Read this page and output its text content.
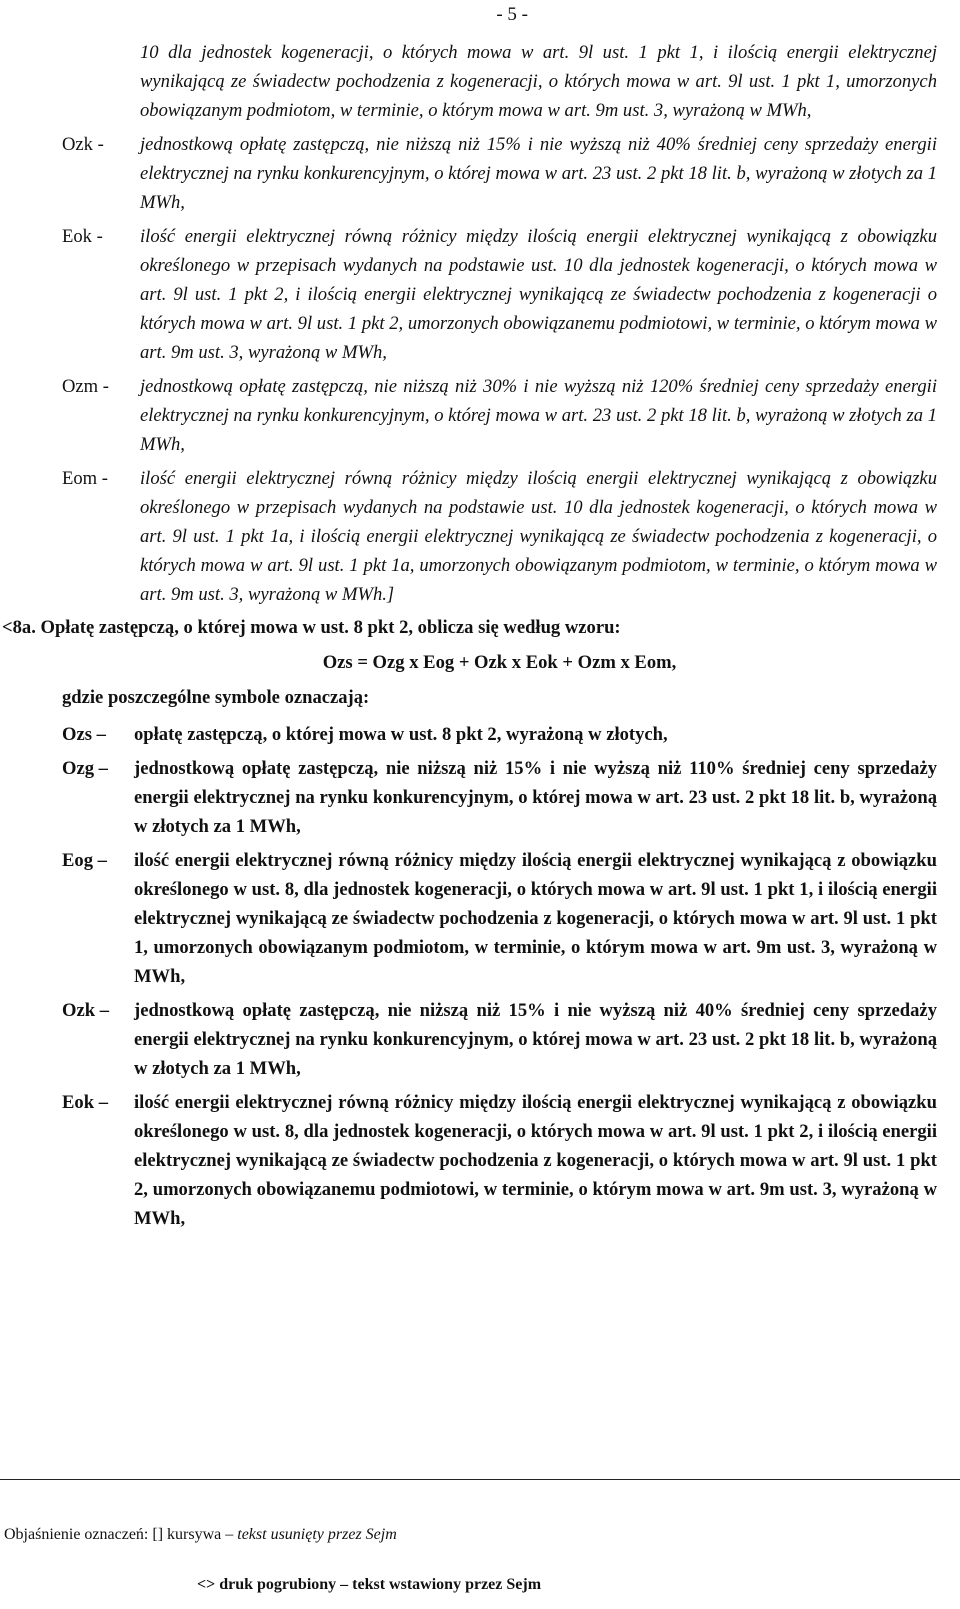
- 5 -
10 dla jednostek kogeneracji, o których mowa w art. 9l ust. 1 pkt 1, i ilością energii elektrycznej wynikającą ze świadectw pochodzenia z kogeneracji, o których mowa w art. 9l ust. 1 pkt 1, umorzonych obowiązanym podmiotom, w terminie, o którym mowa w art. 9m ust. 3, wyrażoną w MWh,
Ozk -	jednostkową opłatę zastępczą, nie niższą niż 15% i nie wyższą niż 40% średniej ceny sprzedaży energii elektrycznej na rynku konkurencyjnym, o której mowa w art. 23 ust. 2 pkt 18 lit. b, wyrażoną w złotych za 1 MWh,
Eok -	ilość energii elektrycznej równą różnicy między ilością energii elektrycznej wynikającą z obowiązku określonego w przepisach wydanych na podstawie ust. 10 dla jednostek kogeneracji, o których mowa w art. 9l ust. 1 pkt 2, i ilością energii elektrycznej wynikającą ze świadectw pochodzenia z kogeneracji o których mowa w art. 9l ust. 1 pkt 2, umorzonych obowiązanemu podmiotowi, w terminie, o którym mowa w art. 9m ust. 3, wyrażoną w MWh,
Ozm -	jednostkową opłatę zastępczą, nie niższą niż 30% i nie wyższą niż 120% średniej ceny sprzedaży energii elektrycznej na rynku konkurencyjnym, o której mowa w art. 23 ust. 2 pkt 18 lit. b, wyrażoną w złotych za 1 MWh,
Eom -	ilość energii elektrycznej równą różnicy między ilością energii elektrycznej wynikającą z obowiązku określonego w przepisach wydanych na podstawie ust. 10 dla jednostek kogeneracji, o których mowa w art. 9l ust. 1 pkt 1a, i ilością energii elektrycznej wynikającą ze świadectw pochodzenia z kogeneracji, o których mowa w art. 9l ust. 1 pkt 1a, umorzonych obowiązanym podmiotom, w terminie, o którym mowa w art. 9m ust. 3, wyrażoną w MWh.]
<8a. Opłatę zastępczą, o której mowa w ust. 8 pkt 2, oblicza się według wzoru:
Ozs = Ozg x Eog + Ozk x Eok + Ozm x Eom,
gdzie poszczególne symbole oznaczają:
Ozs –	opłatę zastępczą, o której mowa w ust. 8 pkt 2, wyrażoną w złotych,
Ozg –	jednostkową opłatę zastępczą, nie niższą niż 15% i nie wyższą niż 110% średniej ceny sprzedaży energii elektrycznej na rynku konkurencyjnym, o której mowa w art. 23 ust. 2 pkt 18 lit. b, wyrażoną w złotych za 1 MWh,
Eog –	ilość energii elektrycznej równą różnicy między ilością energii elektrycznej wynikającą z obowiązku określonego w ust. 8, dla jednostek kogeneracji, o których mowa w art. 9l ust. 1 pkt 1, i ilością energii elektrycznej wynikającą ze świadectw pochodzenia z kogeneracji, o których mowa w art. 9l ust. 1 pkt 1, umorzonych obowiązanym podmiotom, w terminie, o którym mowa w art. 9m ust. 3, wyrażoną w MWh,
Ozk –	jednostkową opłatę zastępczą, nie niższą niż 15% i nie wyższą niż 40% średniej ceny sprzedaży energii elektrycznej na rynku konkurencyjnym, o której mowa w art. 23 ust. 2 pkt 18 lit. b, wyrażoną w złotych za 1 MWh,
Eok –	ilość energii elektrycznej równą różnicy między ilością energii elektrycznej wynikającą z obowiązku określonego w ust. 8, dla jednostek kogeneracji, o których mowa w art. 9l ust. 1 pkt 2, i ilością energii elektrycznej wynikającą ze świadectw pochodzenia z kogeneracji, o których mowa w art. 9l ust. 1 pkt 2, umorzonych obowiązanemu podmiotowi, w terminie, o którym mowa w art. 9m ust. 3, wyrażoną w MWh,
Objaśnienie oznaczeń: [] kursywa – tekst usunięty przez Sejm
<> druk pogrubiony – tekst wstawiony przez Sejm
